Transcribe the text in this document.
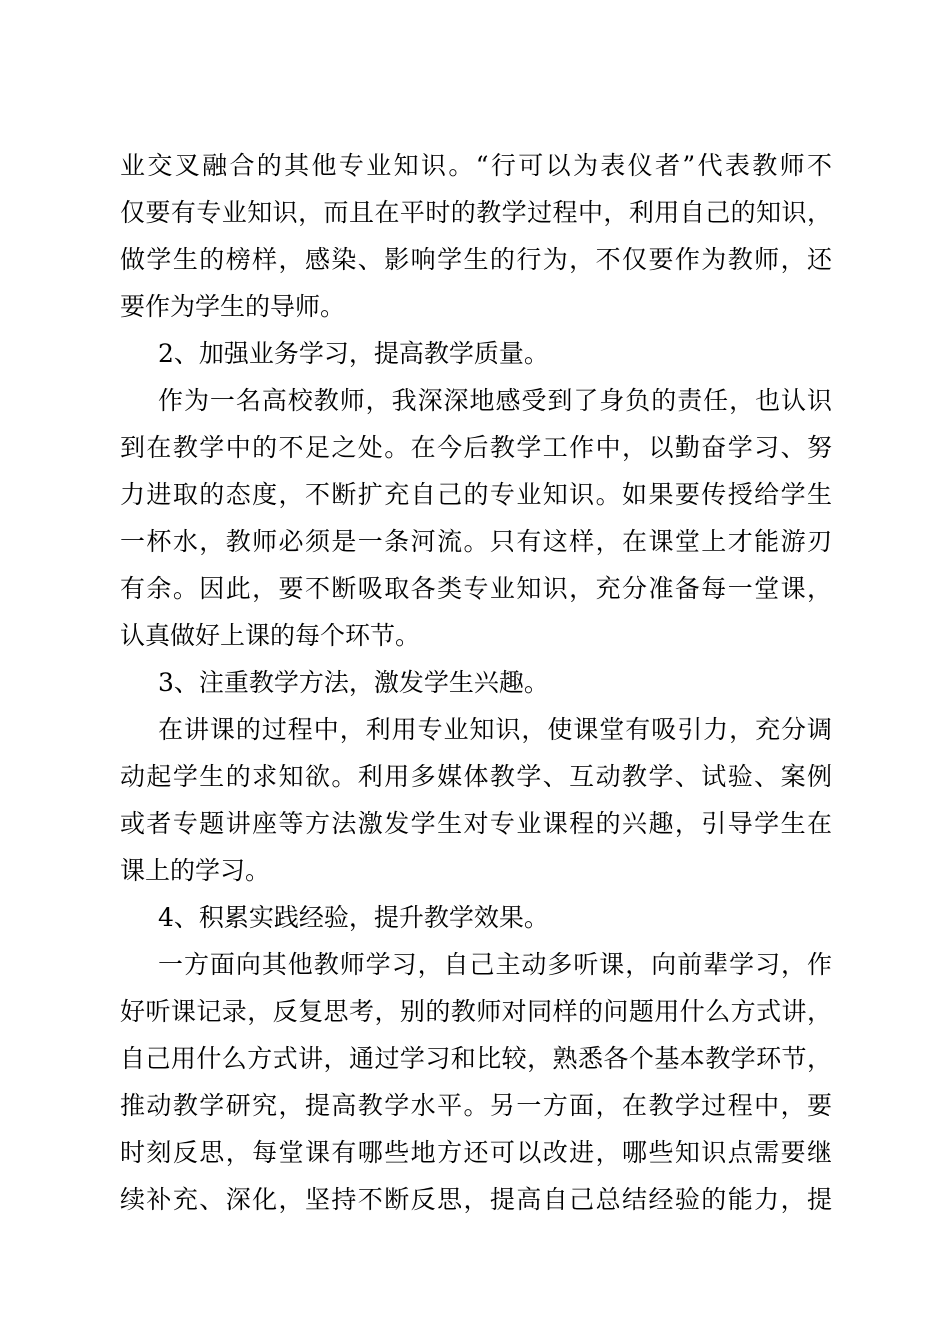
业交叉融合的其他专业知识。“行可以为表仪者”代表教师不
仅要有专业知识，而且在平时的教学过程中，利用自己的知识，
做学生的榜样，感染、影响学生的行为，不仅要作为教师，还
要作为学生的导师。
2、加强业务学习，提高教学质量。
作为一名高校教师，我深深地感受到了身负的责任，也认识
到在教学中的不足之处。在今后教学工作中，以勤奋学习、努
力进取的态度，不断扩充自己的专业知识。如果要传授给学生
一杯水，教师必须是一条河流。只有这样，在课堂上才能游刃
有余。因此，要不断吸取各类专业知识，充分准备每一堂课，
认真做好上课的每个环节。
3、注重教学方法，激发学生兴趣。
在讲课的过程中，利用专业知识，使课堂有吸引力，充分调
动起学生的求知欲。利用多媒体教学、互动教学、试验、案例
或者专题讲座等方法激发学生对专业课程的兴趣，引导学生在
课上的学习。
4、积累实践经验，提升教学效果。
一方面向其他教师学习，自己主动多听课，向前辈学习，作
好听课记录，反复思考，别的教师对同样的问题用什么方式讲，
自己用什么方式讲，通过学习和比较，熟悉各个基本教学环节，
推动教学研究，提高教学水平。另一方面，在教学过程中，要
时刻反思，每堂课有哪些地方还可以改进，哪些知识点需要继
续补充、深化，坚持不断反思，提高自己总结经验的能力，提
